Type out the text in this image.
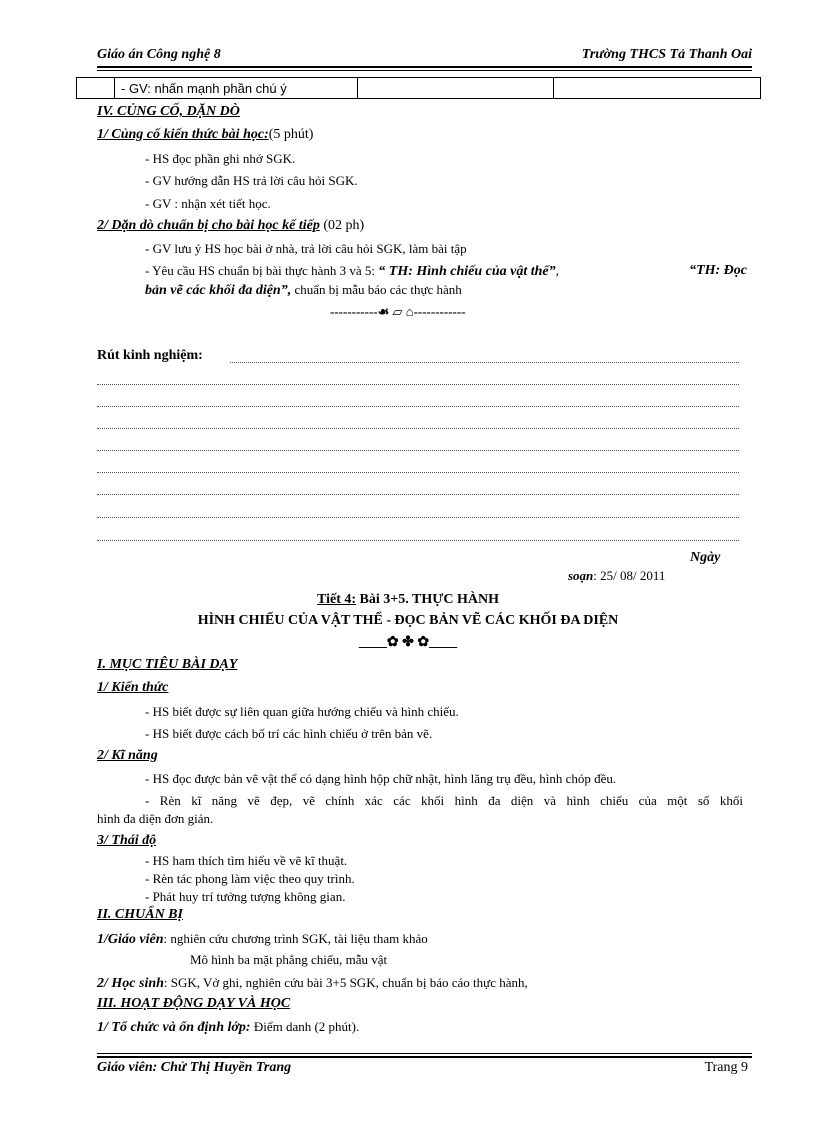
Giáo án Công nghệ 8	Trường THCS Tả Thanh Oai
	- GV: nhấn mạnh phần chú ý		
IV. CỦNG CỐ, DẶN DÒ
1/ Củng cố kiến thức bài học:(5 phút)
- HS đọc phần ghi nhớ SGK.
- GV hướng dẫn HS trả lời câu hỏi SGK.
- GV : nhận xét tiết học.
2/ Dặn dò chuẩn bị cho bài học kế tiếp (02 ph)
- GV lưu ý HS học bài ở nhà, trả lời câu hỏi SGK, làm bài tập
- Yêu cầu HS chuẩn bị bài thực hành 3 và 5: “ TH: Hình chiếu của vật thể”,	“TH: Đọc
bản vẽ các khối đa diện”, chuẩn bị mẫu báo các thực hành
-----------☙ ▱ ⌂------------
Rút kinh nghiệm:
Ngày
soạn: 25/ 08/ 2011
Tiết 4: Bài 3+5. THỰC HÀNH
HÌNH CHIẾU CỦA VẬT THỂ - ĐỌC BẢN VẼ CÁC KHỐI ĐA DIỆN
____✿ ✤ ✿____
I. MỤC TIÊU BÀI DẠY
1/ Kiến thức
- HS biết được sự liên quan giữa hướng chiếu và hình chiếu.
- HS biết được cách bố trí các hình chiếu ở trên bản vẽ.
2/ Kĩ năng
- HS đọc được bản vẽ vật thể có dạng hình hộp chữ nhật, hình lăng trụ đều, hình chóp đều.
- Rèn kĩ năng vẽ đẹp, vẽ chính xác các khối hình đa diện và hình chiếu của một số khối
hình đa diện đơn giản.
3/ Thái độ
- HS ham thích tìm hiểu về vẽ kĩ thuật.
- Rèn tác phong làm việc theo quy trình.
- Phát huy trí tưởng tượng không gian.
II. CHUẨN BỊ
1/Giáo viên: nghiên cứu chương trình SGK, tài liệu tham khảo
Mô hình ba mặt phẳng chiếu, mẫu vật
2/ Học sinh: SGK, Vở ghi, nghiên cứu bài 3+5 SGK, chuẩn bị báo cáo thực hành,
III. HOẠT ĐỘNG DẠY VÀ HỌC
1/ Tổ chức và ổn định lớp: Điểm danh (2 phút).
Giáo viên: Chử Thị Huyền Trang	Trang 9
